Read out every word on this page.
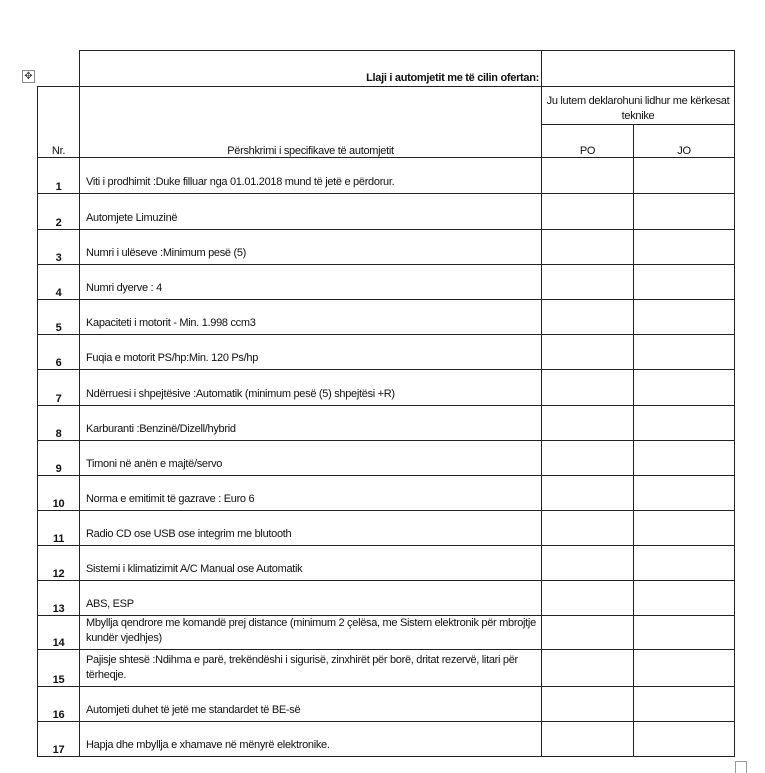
✥
		Llaji i automjetit me të cilin ofertan:		
Nr.	Përshkrimi i specifikave të automjetit	Ju lutem deklarohuni lidhur me kërkesat teknike	
		PO	JO
1	Viti i prodhimit :Duke filluar nga 01.01.2018 mund të jetë e përdorur.		
2	Automjete Limuzinë		
3	Numri i ulëseve :Minimum pesë (5)		
4	Numri dyerve : 4		
5	Kapaciteti i motorit - Min. 1.998 ccm3		
6	Fuqia e motorit PS/hp:Min. 120 Ps/hp		
7	Ndërruesi i shpejtësive :Automatik (minimum pesë (5) shpejtësi +R)		
8	Karburanti :Benzinë/Dizell/hybrid		
9	Timoni në anën e majtë/servo		
10	Norma e emitimit të gazrave : Euro 6		
11	Radio CD ose USB ose integrim me blutooth		
12	Sistemi i klimatizimit A/C Manual ose Automatik		
13	ABS, ESP		
14	Mbyllja qendrore me komandë prej distance (minimum 2 çelësa, me Sistem elektronik për mbrojtje kundër vjedhjes)		
15	Pajisje shtesë :Ndihma e parë, trekëndëshi i sigurisë, zinxhirët për borë, dritat rezervë, litari për tërheqje.		
16	Automjeti duhet të jetë me standardet të BE-së		
17	Hapja dhe mbyllja e xhamave në mënyrë elektronike.		
